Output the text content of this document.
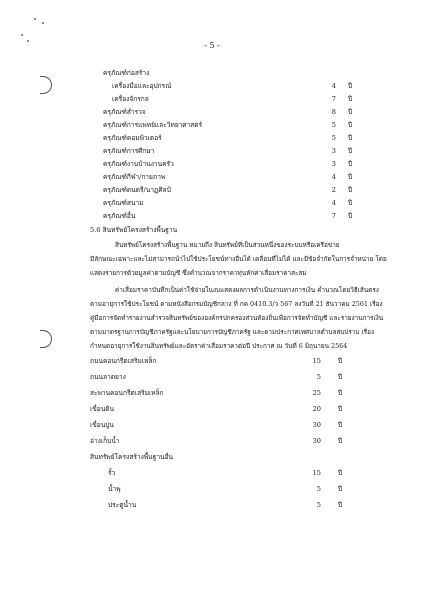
- 5 -
ครุภัณฑ์ก่อสร้าง
เครื่องมือและอุปกรณ์	4 ปี
เครื่องจักรกล	7 ปี
ครุภัณฑ์สำรวจ	8 ปี
ครุภัณฑ์การแพทย์และวิทยาศาสตร์	5 ปี
ครุภัณฑ์คอมพิวเตอร์	5 ปี
ครุภัณฑ์การศึกษา	3 ปี
ครุภัณฑ์งานบ้านงานครัว	3 ปี
ครุภัณฑ์กีฬา/กายภาพ	4 ปี
ครุภัณฑ์ดนตรี/นาฏศิลป์	2 ปี
ครุภัณฑ์สนาม	4 ปี
ครุภัณฑ์อื่น	7 ปี
5.6 สินทรัพย์โครงสร้างพื้นฐาน
สินทรัพย์โครงสร้างพื้นฐาน หมายถึง สินทรัพย์ที่เป็นส่วนหนึ่งของระบบหรือเครือข่าย
มีลักษณะเฉพาะและไม่สามารถนำไปใช้ประโยชน์ทางอื่นได้ เคลื่อนที่ไม่ได้ และมีข้อจำกัดในการจำหน่าย โดย
แสดงรายการด้วยมูลค่าตามบัญชี ซึ่งคำนวณจากราคาทุนหักค่าเสื่อมราคาสะสม
ค่าเสื่อมราคาบันทึกเป็นค่าใช้จ่ายในงบแสดงผลการดำเนินงานทางการเงิน คำนวณโดยวิธีเส้นตรง
ตามอายุการใช้ประโยชน์ ตามหนังสือกรมบัญชีกลาง ที่ กค 0410.3/ว 567 ลงวันที่ 21 ธันวาคม 2561 เรื่อง
คู่มือการจัดทำรายงานสำรวจสินทรัพย์ขององค์กรปกครองส่วนท้องถิ่นเพื่อการจัดทำบัญชี และรายงานการเงิน
ตามมาตรฐานการบัญชีภาครัฐและนโยบายการบัญชีภาครัฐ และตามประกาศเทศบาลตำบลสบปราบ เรื่อง
กำหนดอายุการใช้งานสินทรัพย์และอัตราค่าเสื่อมราคาต่อปี ประกาศ ณ วันที่ 6 มิถุนายน 2564
ถนนคอนกรีตเสริมเหล็ก	15	ปี
ถนนลาดยาง	5	ปี
สะพานคอนกรีตเสริมเหล็ก	25	ปี
เขื่อนดิน	20	ปี
เขื่อนปูน	30	ปี
อ่างเก็บน้ำ	30	ปี
สินทรัพย์โครงสร้างพื้นฐานอื่น
รั้ว	15	ปี
น้ำพุ	5	ปี
ประตูน้ำน	5	ปี
